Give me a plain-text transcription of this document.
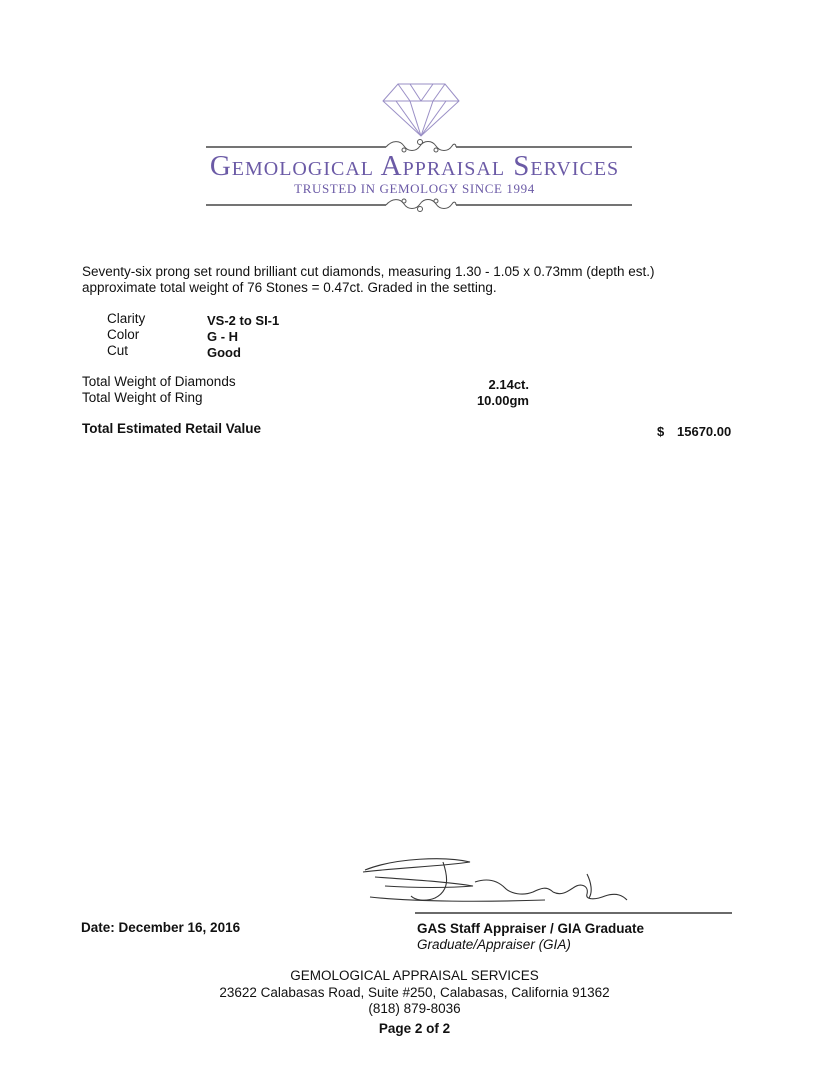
Gemological Appraisal Services
TRUSTED IN GEMOLOGY SINCE 1994
Seventy-six prong set round brilliant cut diamonds, measuring 1.30 - 1.05 x 0.73mm (depth est.)
approximate total weight of 76 Stones = 0.47ct. Graded in the setting.
Clarity	VS-2 to SI-1
Color	G - H
Cut	Good
Total Weight of Diamonds	2.14ct.
Total Weight of Ring	10.00gm
Total Estimated Retail Value	$ 15670.00
Date: December 16, 2016	GAS Staff Appraiser / GIA Graduate
Graduate/Appraiser (GIA)
GEMOLOGICAL APPRAISAL SERVICES
23622 Calabasas Road, Suite #250, Calabasas, California 91362
(818) 879-8036
Page 2 of 2
